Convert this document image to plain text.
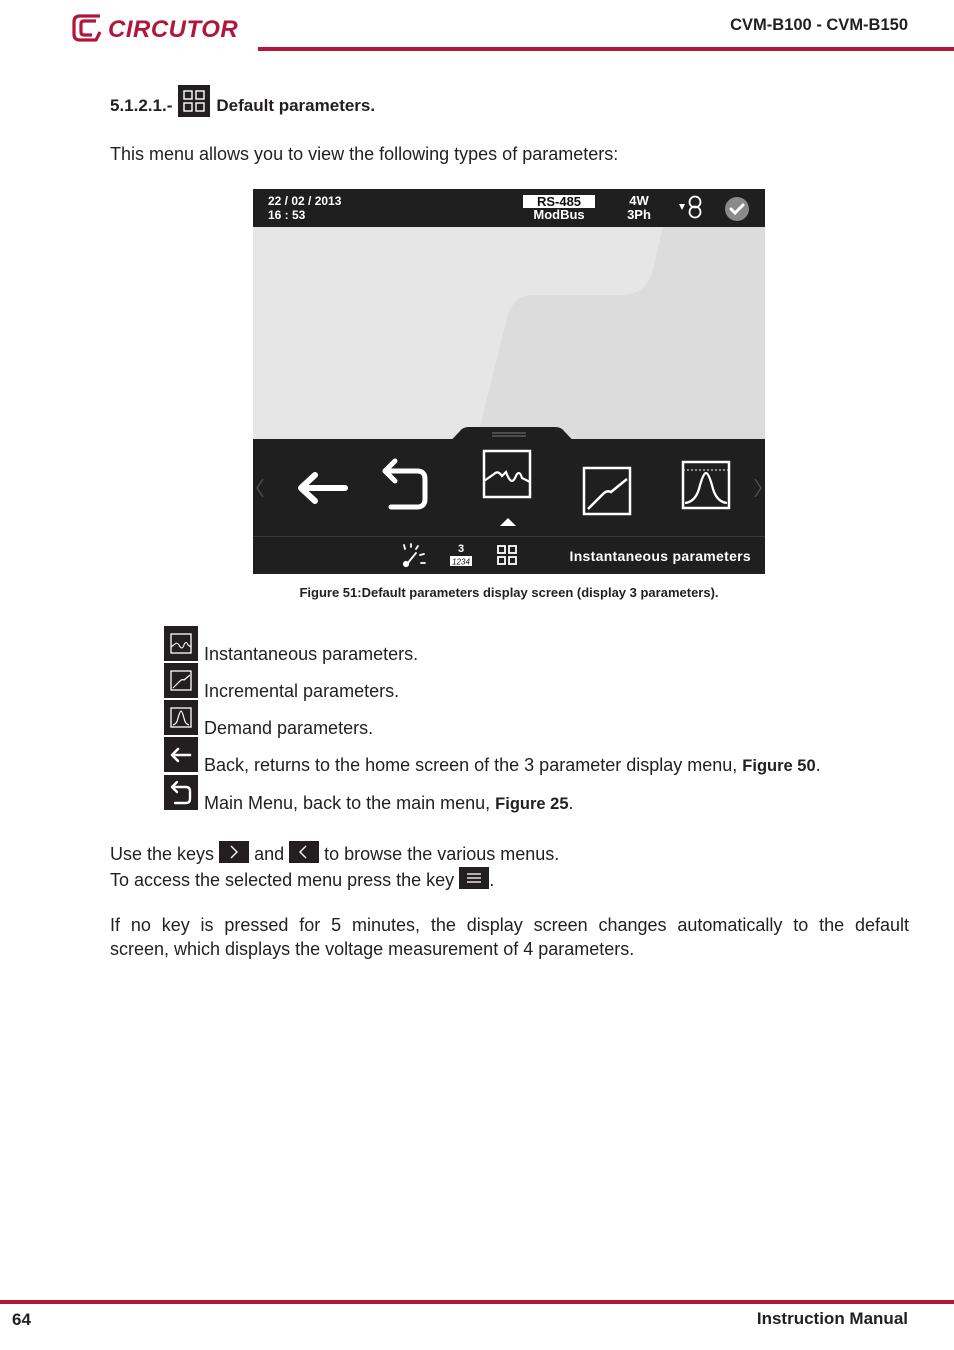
CIRCUTOR	CVM-B100 - CVM-B150
5.1.2.1.-	Default parameters.
This menu allows you to view the following types of parameters:
22 / 02 / 2013
16 : 53
RS-485
ModBus
4W
3Ph
3
1234	Instantaneous parameters
Figure 51:Default parameters display screen (display 3 parameters).
Instantaneous parameters.
Incremental parameters.
Demand parameters.
Back, returns to the home screen of the 3 parameter display menu, Figure 50.
Main Menu, back to the main menu, Figure 25.
Use the keys and to browse the various menus.
To access the selected menu press the key .
If no key is pressed for 5 minutes, the display screen changes automatically to the default
screen, which displays the voltage measurement of 4 parameters.
64	Instruction Manual
